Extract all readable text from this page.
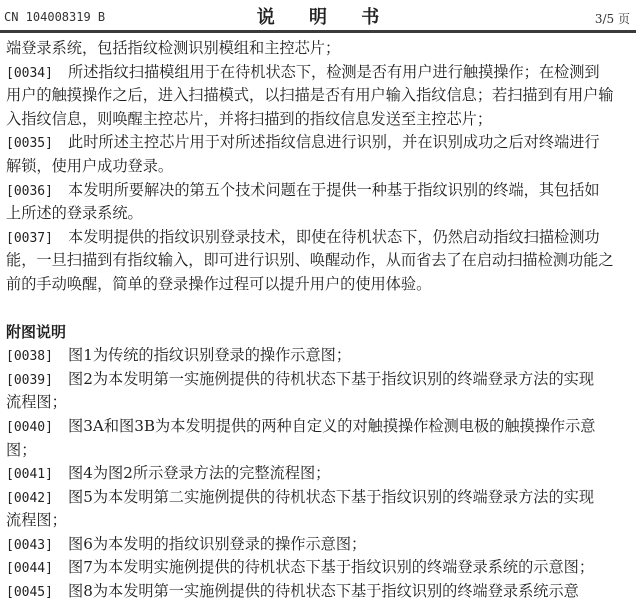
CN 104008319 B	说 明 书	3/5 页
端登录系统，包括指纹检测识别模组和主控芯片；
[0034] 所述指纹扫描模组用于在待机状态下，检测是否有用户进行触摸操作；在检测到
用户的触摸操作之后，进入扫描模式，以扫描是否有用户输入指纹信息；若扫描到有用户输
入指纹信息，则唤醒主控芯片，并将扫描到的指纹信息发送至主控芯片；
[0035] 此时所述主控芯片用于对所述指纹信息进行识别，并在识别成功之后对终端进行
解锁，使用户成功登录。
[0036] 本发明所要解决的第五个技术问题在于提供一种基于指纹识别的终端，其包括如
上所述的登录系统。
[0037] 本发明提供的指纹识别登录技术，即使在待机状态下，仍然启动指纹扫描检测功
能，一旦扫描到有指纹输入，即可进行识别、唤醒动作，从而省去了在启动扫描检测功能之
前的手动唤醒，简单的登录操作过程可以提升用户的使用体验。
附图说明
[0038] 图1为传统的指纹识别登录的操作示意图；
[0039] 图2为本发明第一实施例提供的待机状态下基于指纹识别的终端登录方法的实现
流程图；
[0040] 图3A和图3B为本发明提供的两种自定义的对触摸操作检测电极的触摸操作示意
图；
[0041] 图4为图2所示登录方法的完整流程图；
[0042] 图5为本发明第二实施例提供的待机状态下基于指纹识别的终端登录方法的实现
流程图；
[0043] 图6为本发明的指纹识别登录的操作示意图；
[0044] 图7为本发明实施例提供的待机状态下基于指纹识别的终端登录系统的示意图；
[0045] 图8为本发明第一实施例提供的待机状态下基于指纹识别的终端登录系统示意
